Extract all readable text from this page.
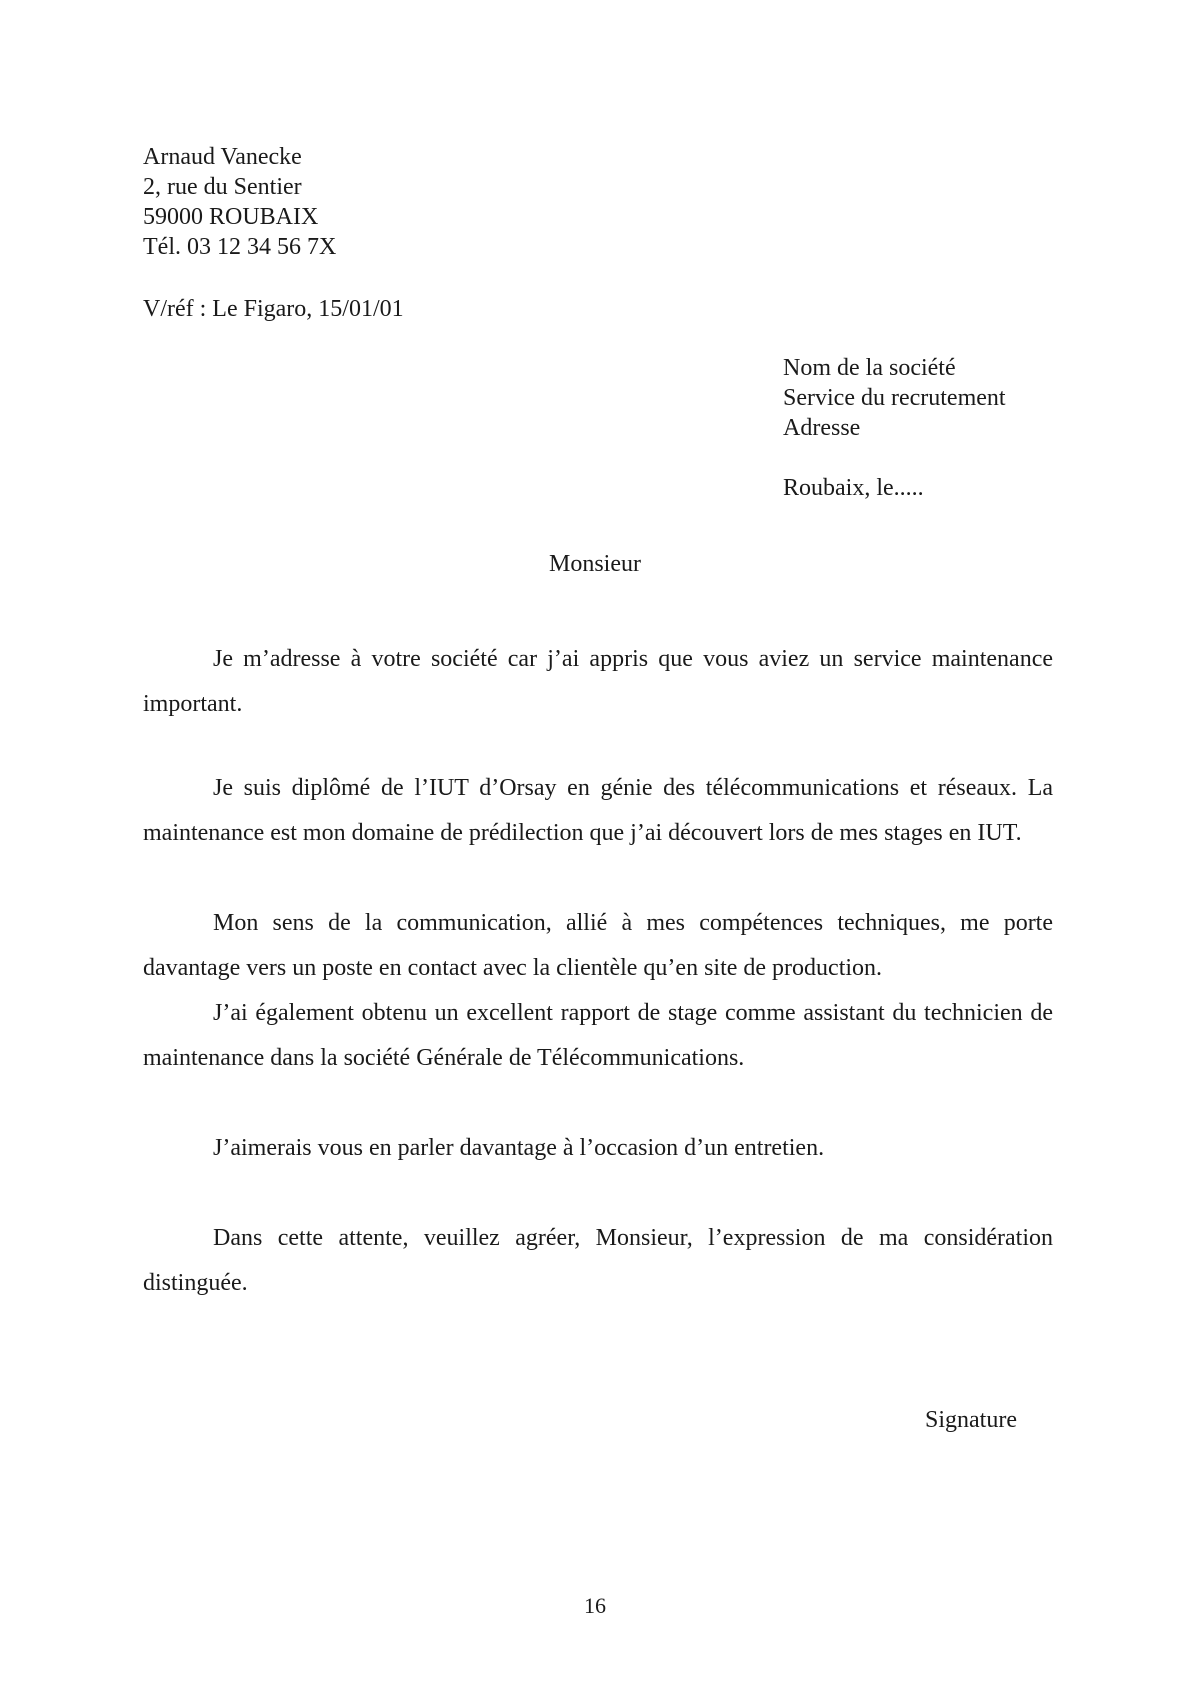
Arnaud Vanecke
2, rue du Sentier
59000 ROUBAIX
Tél. 03 12 34 56 7X
V/réf : Le Figaro, 15/01/01
Nom de la société
Service du recrutement
Adresse
Roubaix, le.....
Monsieur

Je m’adresse à votre société car j’ai appris que vous aviez un service maintenance important.

Je suis diplômé de l’IUT d’Orsay en génie des télécommunications et réseaux. La maintenance est mon domaine de prédilection que j’ai découvert lors de mes stages en IUT.

Mon sens de la communication, allié à mes compétences techniques, me porte davantage vers un poste en contact avec la clientèle qu’en site de production.

J’ai également obtenu un excellent rapport de stage comme assistant du technicien de maintenance dans la société Générale de Télécommunications.

J’aimerais vous en parler davantage à l’occasion d’un entretien.

Dans cette attente, veuillez agréer, Monsieur, l’expression de ma considération distinguée.

Signature
16
